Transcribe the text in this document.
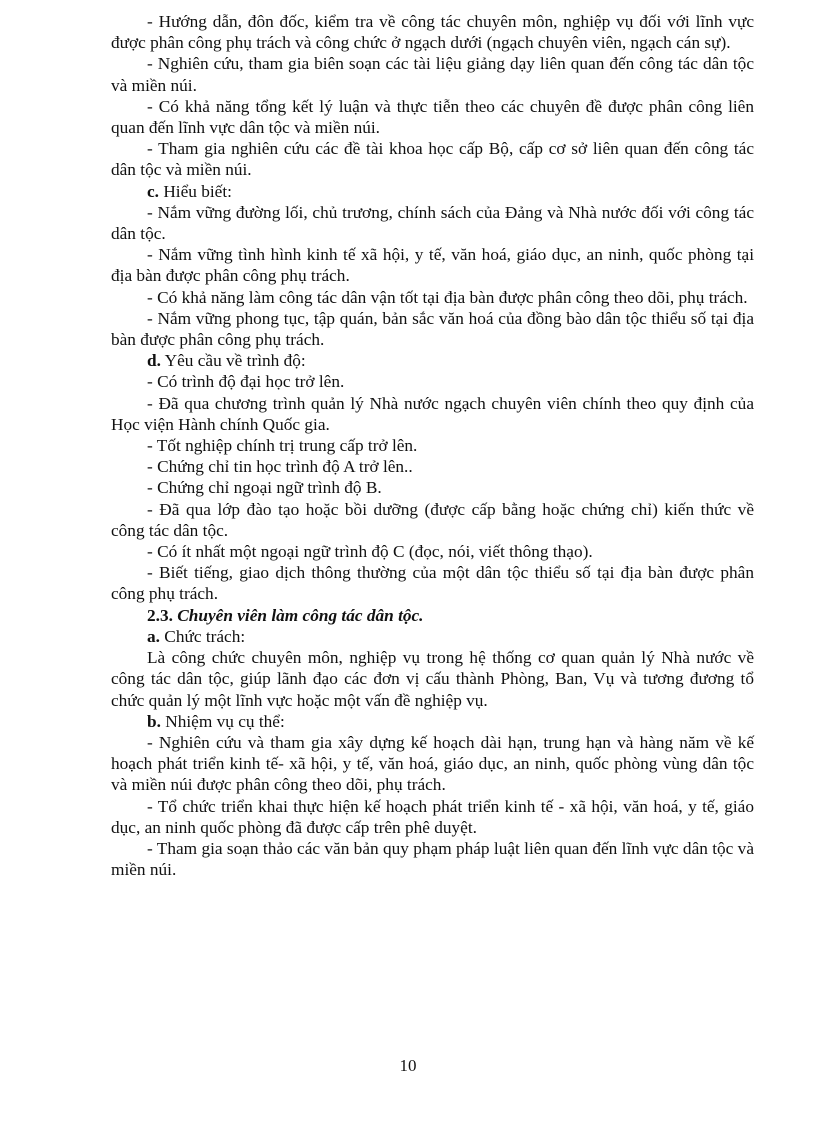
- Hướng dẫn, đôn đốc, kiểm tra về công tác chuyên môn, nghiệp vụ đối với lĩnh vực được phân công phụ trách và công chức ở ngạch dưới (ngạch chuyên viên, ngạch cán sự).

- Nghiên cứu, tham gia biên soạn các tài liệu giảng dạy liên quan đến công tác dân tộc và miền núi.

- Có khả năng tổng kết lý luận và thực tiễn theo các chuyên đề được phân công liên quan đến lĩnh vực dân tộc và miền núi.

- Tham gia nghiên cứu các đề tài khoa học cấp Bộ, cấp cơ sở liên quan đến công tác dân tộc và miền núi.

c. Hiểu biết:

- Nắm vững đường lối, chủ trương, chính sách của Đảng và Nhà nước đối với công tác dân tộc.

- Nắm vững tình hình kinh tế xã hội, y tế, văn hoá, giáo dục, an ninh, quốc phòng tại địa bàn được phân công phụ trách.

- Có khả năng làm công tác dân vận tốt tại địa bàn được phân công theo dõi, phụ trách.

- Nắm vững phong tục, tập quán, bản sắc văn hoá của đồng bào dân tộc thiểu số tại địa bàn được phân công phụ trách.

d. Yêu cầu về trình độ:

- Có trình độ đại học trở lên.

- Đã qua chương trình quản lý Nhà nước ngạch chuyên viên chính theo quy định của Học viện Hành chính Quốc gia.

- Tốt nghiệp chính trị trung cấp trở lên.

- Chứng chỉ tin học trình độ A trở lên..

- Chứng chỉ ngoại ngữ trình độ B.

- Đã qua lớp đào tạo hoặc bồi dưỡng (được cấp bằng hoặc chứng chỉ) kiến thức về công tác dân tộc.

- Có ít nhất một ngoại ngữ trình độ C (đọc, nói, viết thông thạo).

- Biết tiếng, giao dịch thông thường của một dân tộc thiểu số tại địa bàn được phân công phụ trách.

2.3. Chuyên viên làm công tác dân tộc.

a. Chức trách:

Là công chức chuyên môn, nghiệp vụ trong hệ thống cơ quan quản lý Nhà nước về công tác dân tộc, giúp lãnh đạo các đơn vị cấu thành Phòng, Ban, Vụ và tương đương tổ chức quản lý một lĩnh vực hoặc một vấn đề nghiệp vụ.

b. Nhiệm vụ cụ thể:

- Nghiên cứu và tham gia xây dựng kế hoạch dài hạn, trung hạn và hàng năm về kế hoạch phát triển kinh tế- xã hội, y tế, văn hoá, giáo dục, an ninh, quốc phòng vùng dân tộc và miền núi được phân công theo dõi, phụ trách.

- Tổ chức triển khai thực hiện kế hoạch phát triển kinh tế - xã hội, văn hoá, y tế, giáo dục, an ninh quốc phòng đã được cấp trên phê duyệt.

- Tham gia soạn thảo các văn bản quy phạm pháp luật liên quan đến lĩnh vực dân tộc và miền núi.

10
